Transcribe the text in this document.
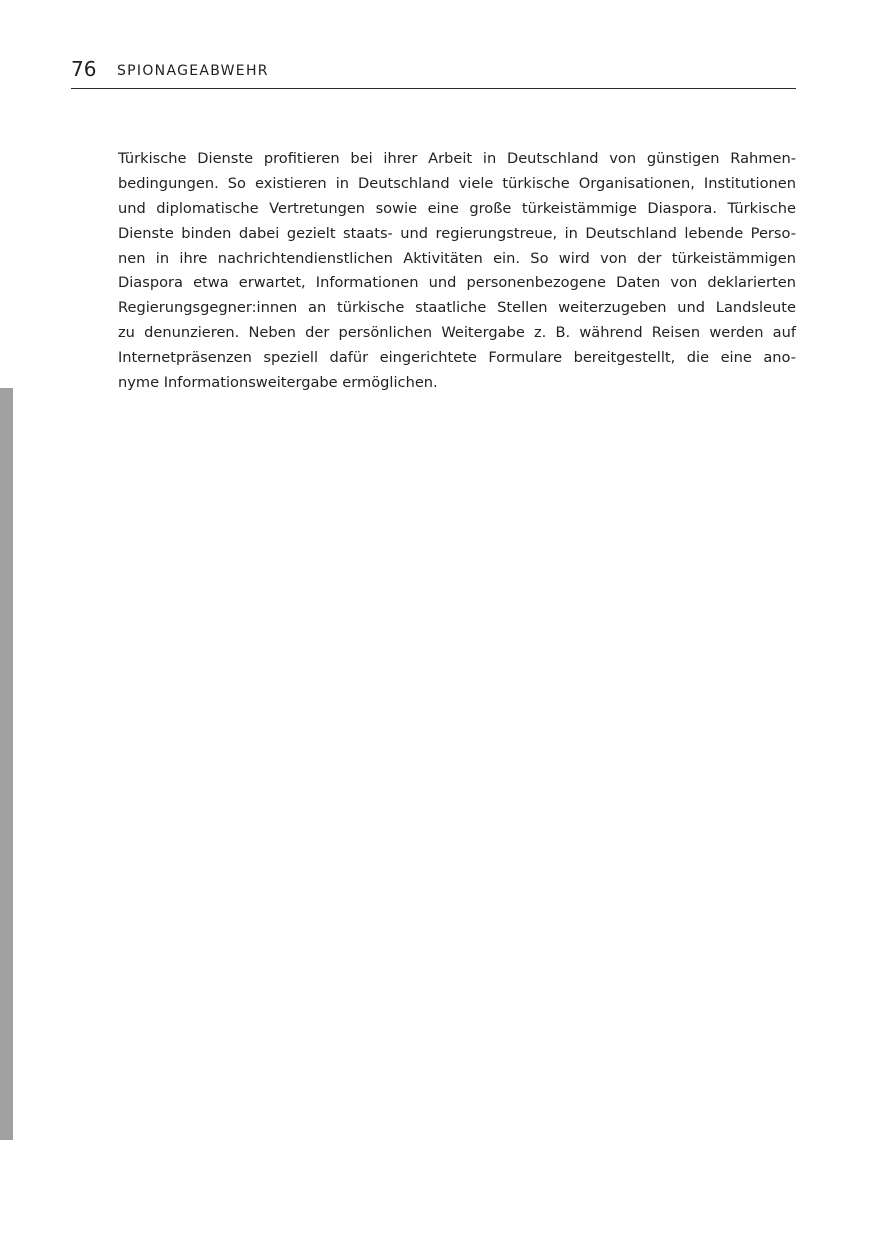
76 SPIONAGEABWEHR
Türkische Dienste profitieren bei ihrer Arbeit in Deutschland von günstigen Rahmen-
bedingungen. So existieren in Deutschland viele türkische Organisationen, Institutionen
und diplomatische Vertretungen sowie eine große türkeistämmige Diaspora. Türkische
Dienste binden dabei gezielt staats- und regierungstreue, in Deutschland lebende Perso-
nen in ihre nachrichtendienstlichen Aktivitäten ein. So wird von der türkeistämmigen
Diaspora etwa erwartet, Informationen und personenbezogene Daten von deklarierten
Regierungsgegner:innen an türkische staatliche Stellen weiterzugeben und Landsleute
zu denunzieren. Neben der persönlichen Weitergabe z. B. während Reisen werden auf
Internetpräsenzen speziell dafür eingerichtete Formulare bereitgestellt, die eine ano-
nyme Informationsweitergabe ermöglichen.
